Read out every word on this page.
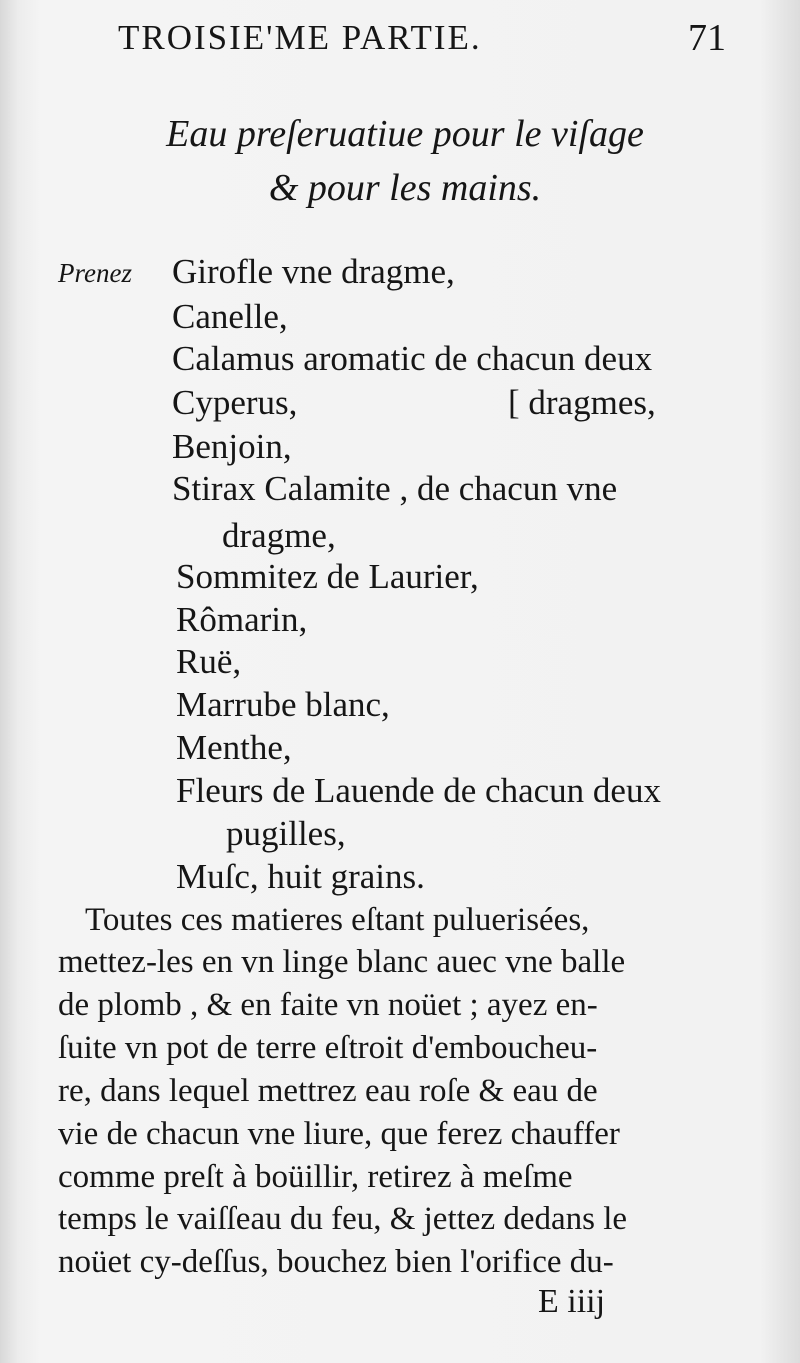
TROISIE'ME PARTIE.	71
Eau preſeruatiue pour le viſage
& pour les mains.
Prenez Girofle vne dragme,
Canelle,
Calamus aromatic de chacun deux
Cyperus,	[ dragmes,
Benjoin,
Stirax Calamite , de chacun vne
dragme,
Sommitez de Laurier,
Rômarin,
Ruë,
Marrube blanc,
Menthe,
Fleurs de Lauende de chacun deux
pugilles,
Muſc, huit grains.
Toutes ces matieres eſtant puluerisées,
mettez-les en vn linge blanc auec vne balle
de plomb , & en faite vn noüet ; ayez en-
ſuite vn pot de terre eſtroit d'emboucheu-
re, dans lequel mettrez eau roſe & eau de
vie de chacun vne liure, que ferez chauffer
comme preſt à boüillir, retirez à meſme
temps le vaiſſeau du feu, & jettez dedans le
noüet cy-deſſus, bouchez bien l'orifice du-
E iiij
